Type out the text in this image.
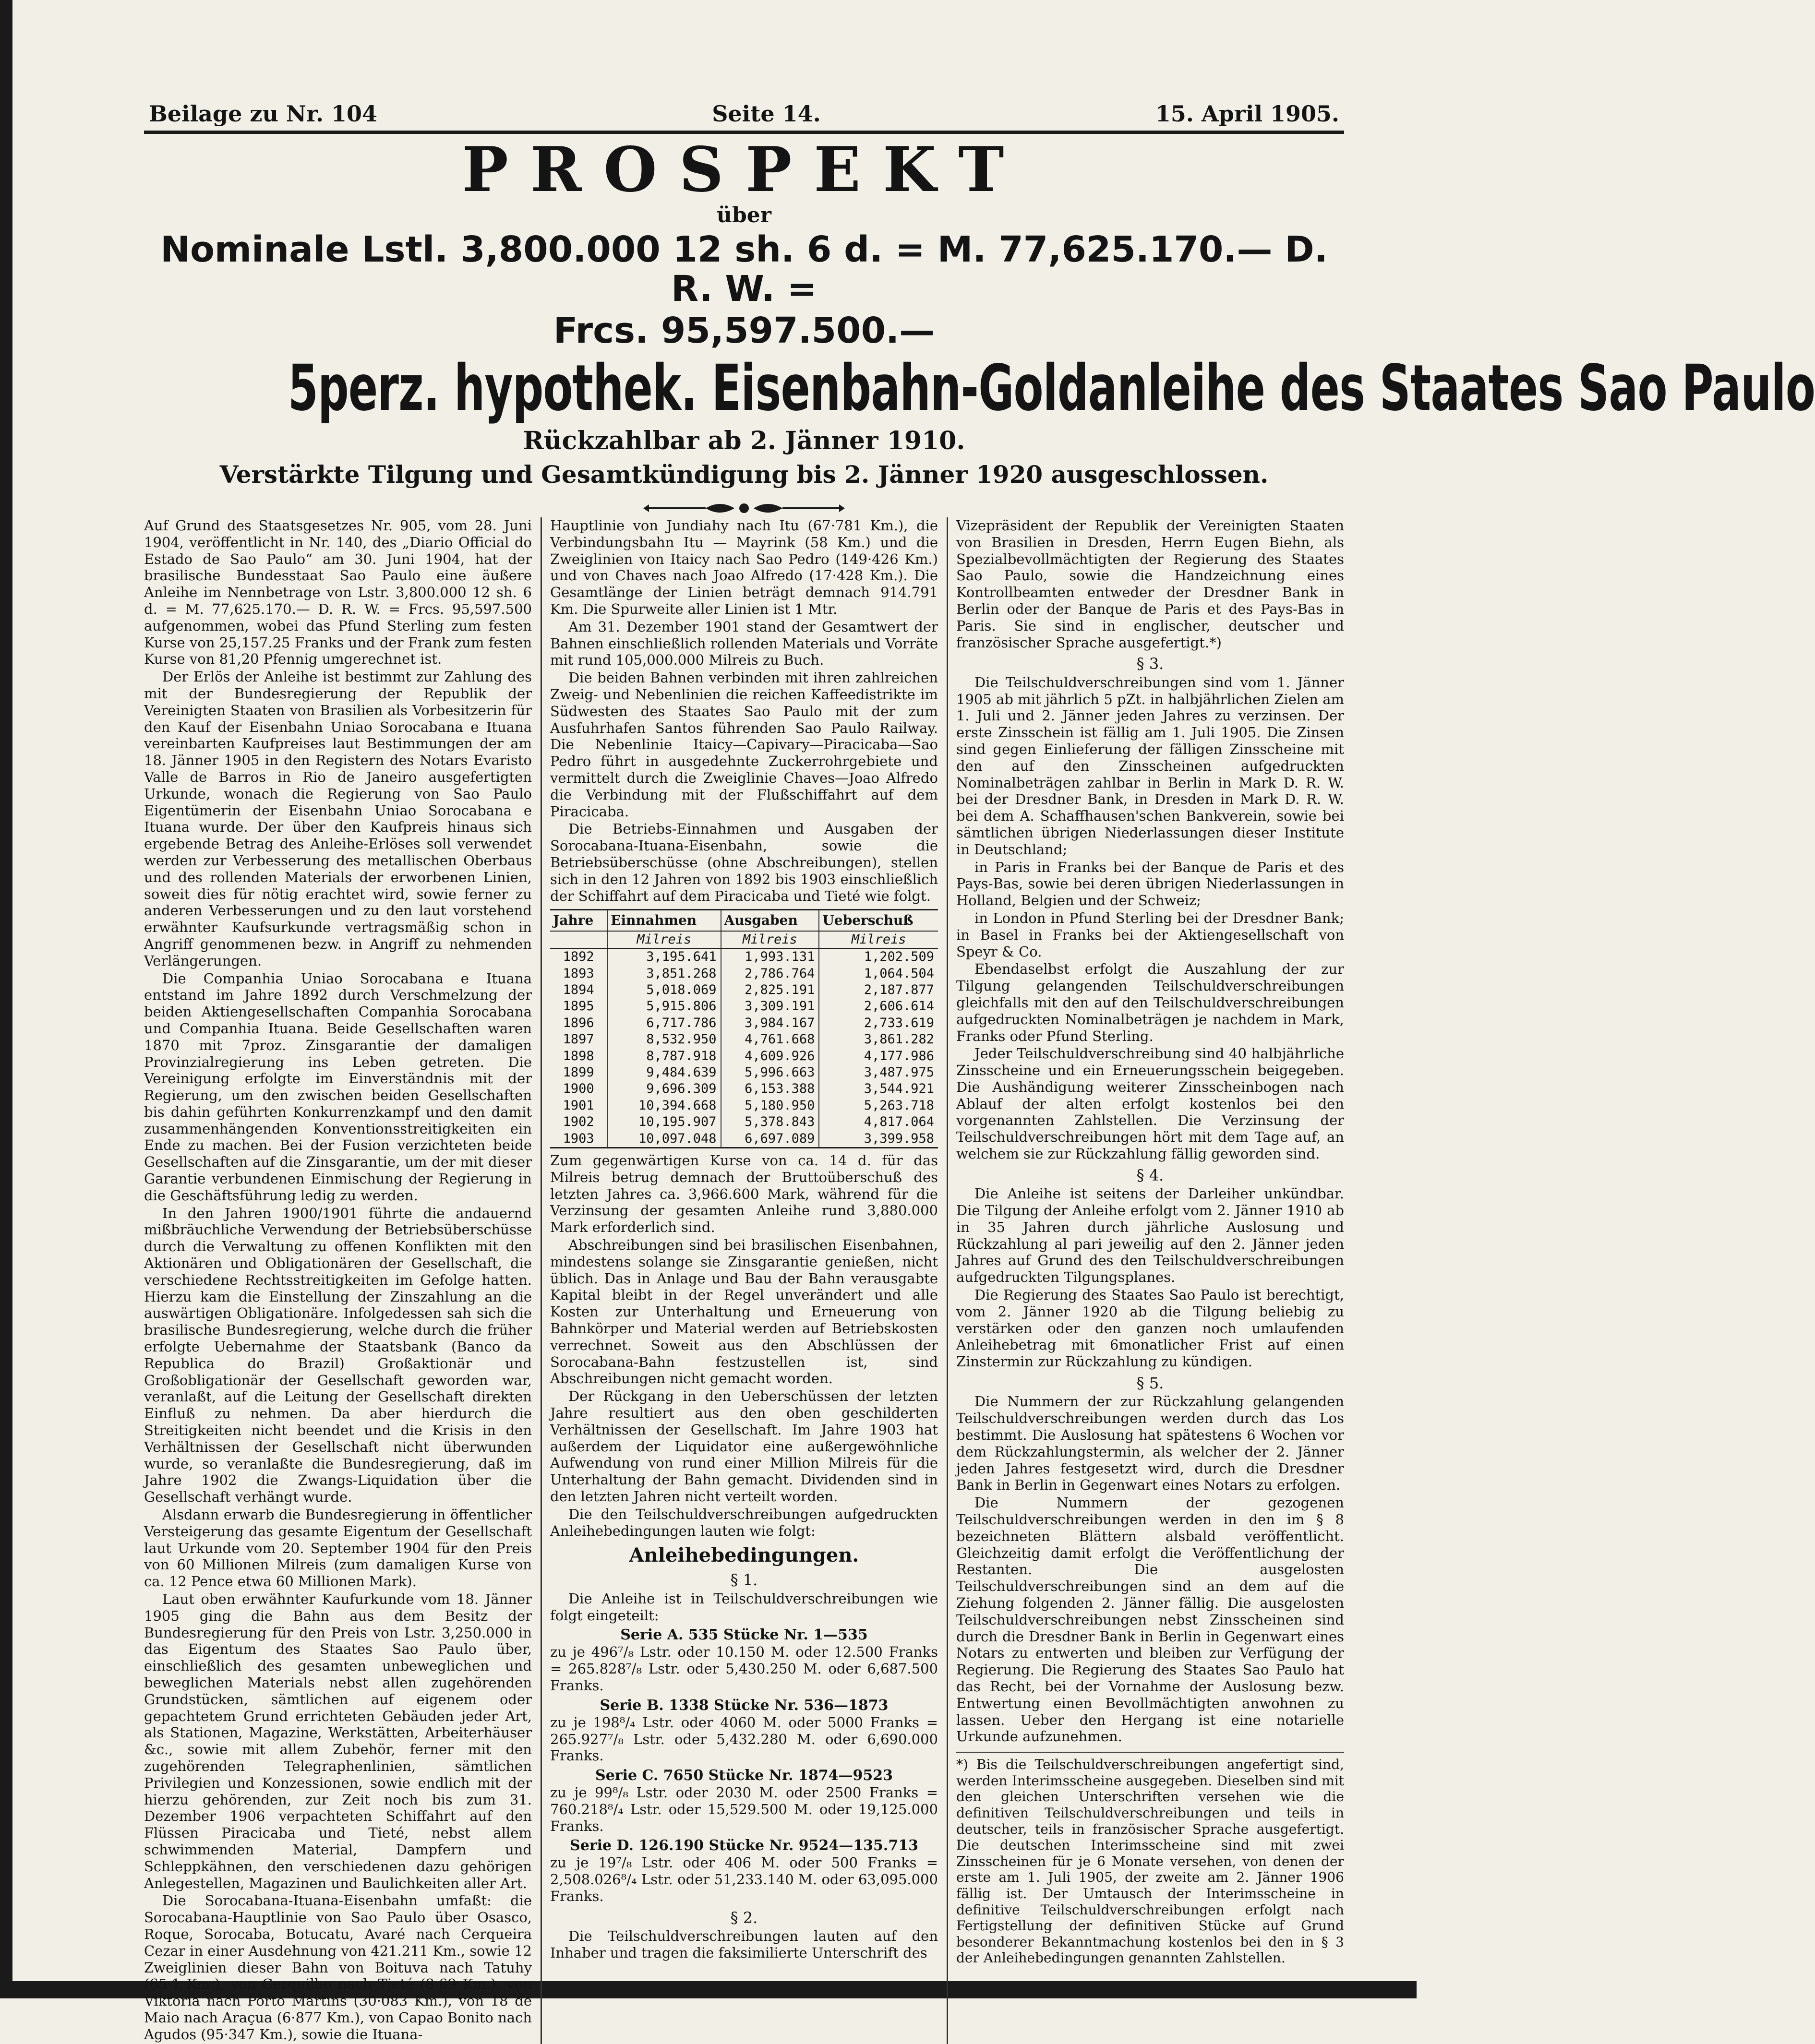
Beilage zu Nr. 104	Seite 14.	15. April 1905.
PROSPEKT
über
Nominale Lstl. 3,800.000 12 sh. 6 d. = M. 77,625.170.— D. R. W. =
Frcs. 95,597.500.—
5perz. hypothek. Eisenbahn-Goldanleihe des Staates Sao Paulo
Rückzahlbar ab 2. Jänner 1910.
Verstärkte Tilgung und Gesamtkündigung bis 2. Jänner 1920 ausgeschlossen.

Auf Grund des Staatsgesetzes Nr. 905, vom 28. Juni 1904, veröffentlicht in Nr. 140, des „Diario Official do Estado de Sao Paulo“ am 30. Juni 1904, hat der brasilische Bundesstaat Sao Paulo eine äußere Anleihe im Nennbetrage von Lstr. 3,800.000 12 sh. 6 d. = M. 77,625.170.— D. R. W. = Frcs. 95,597.500 aufgenommen, wobei das Pfund Sterling zum festen Kurse von 25,157.25 Franks und der Frank zum festen Kurse von 81,20 Pfennig umgerechnet ist.

Der Erlös der Anleihe ist bestimmt zur Zahlung des mit der Bundesregierung der Republik der Vereinigten Staaten von Brasilien als Vorbesitzerin für den Kauf der Eisenbahn Uniao Sorocabana e Ituana vereinbarten Kaufpreises laut Bestimmungen der am 18. Jänner 1905 in den Registern des Notars Evaristo Valle de Barros in Rio de Janeiro ausgefertigten Urkunde, wonach die Regierung von Sao Paulo Eigentümerin der Eisenbahn Uniao Sorocabana e Ituana wurde. Der über den Kaufpreis hinaus sich ergebende Betrag des Anleihe-Erlöses soll verwendet werden zur Verbesserung des metallischen Oberbaus und des rollenden Materials der erworbenen Linien, soweit dies für nötig erachtet wird, sowie ferner zu anderen Verbesserungen und zu den laut vorstehend erwähnter Kaufsurkunde vertragsmäßig schon in Angriff genommenen bezw. in Angriff zu nehmenden Verlängerungen.

Die Companhia Uniao Sorocabana e Ituana entstand im Jahre 1892 durch Verschmelzung der beiden Aktiengesellschaften Companhia Sorocabana und Companhia Ituana. Beide Gesellschaften waren 1870 mit 7proz. Zinsgarantie der damaligen Provinzialregierung ins Leben getreten. Die Vereinigung erfolgte im Einverständnis mit der Regierung, um den zwischen beiden Gesellschaften bis dahin geführten Konkurrenzkampf und den damit zusammenhängenden Konventionsstreitigkeiten ein Ende zu machen. Bei der Fusion verzichteten beide Gesellschaften auf die Zinsgarantie, um der mit dieser Garantie verbundenen Einmischung der Regierung in die Geschäftsführung ledig zu werden.

In den Jahren 1900/1901 führte die andauernd mißbräuchliche Verwendung der Betriebsüberschüsse durch die Verwaltung zu offenen Konflikten mit den Aktionären und Obligationären der Gesellschaft, die verschiedene Rechtsstreitigkeiten im Gefolge hatten. Hierzu kam die Einstellung der Zinszahlung an die auswärtigen Obligationäre. Infolgedessen sah sich die brasilische Bundesregierung, welche durch die früher erfolgte Uebernahme der Staatsbank (Banco da Republica do Brazil) Großaktionär und Großobligationär der Gesellschaft geworden war, veranlaßt, auf die Leitung der Gesellschaft direkten Einfluß zu nehmen. Da aber hierdurch die Streitigkeiten nicht beendet und die Krisis in den Verhältnissen der Gesellschaft nicht überwunden wurde, so veranlaßte die Bundesregierung, daß im Jahre 1902 die Zwangs-Liquidation über die Gesellschaft verhängt wurde.

Alsdann erwarb die Bundesregierung in öffentlicher Versteigerung das gesamte Eigentum der Gesellschaft laut Urkunde vom 20. September 1904 für den Preis von 60 Millionen Milreis (zum damaligen Kurse von ca. 12 Pence etwa 60 Millionen Mark).

Laut oben erwähnter Kaufurkunde vom 18. Jänner 1905 ging die Bahn aus dem Besitz der Bundesregierung für den Preis von Lstr. 3,250.000 in das Eigentum des Staates Sao Paulo über, einschließlich des gesamten unbeweglichen und beweglichen Materials nebst allen zugehörenden Grundstücken, sämtlichen auf eigenem oder gepachtetem Grund errichteten Gebäuden jeder Art, als Stationen, Magazine, Werkstätten, Arbeiterhäuser &c., sowie mit allem Zubehör, ferner mit den zugehörenden Telegraphenlinien, sämtlichen Privilegien und Konzessionen, sowie endlich mit der hierzu gehörenden, zur Zeit noch bis zum 31. Dezember 1906 verpachteten Schiffahrt auf den Flüssen Piracicaba und Tieté, nebst allem schwimmenden Material, Dampfern und Schleppkähnen, den verschiedenen dazu gehörigen Anlegestellen, Magazinen und Baulichkeiten aller Art.

Die Sorocabana-Ituana-Eisenbahn umfaßt: die Sorocabana-Hauptlinie von Sao Paulo über Osasco, Roque, Sorocaba, Botucatu, Avaré nach Cerqueira Cezar in einer Ausdehnung von 421.211 Km., sowie 12 Zweiglinien dieser Bahn von Boituva nach Tatuhy (65·1 Km.), von Cerquilho nach Tieté (8·69 Km.), von Viktoria nach Porto Martins (30·083 Km.), von 18 de Maio nach Araçua (6·877 Km.), von Capao Bonito nach Agudos (95·347 Km.), sowie die Ituana-

Hauptlinie von Jundiahy nach Itu (67·781 Km.), die Verbindungsbahn Itu — Mayrink (58 Km.) und die Zweiglinien von Itaicy nach Sao Pedro (149·426 Km.) und von Chaves nach Joao Alfredo (17·428 Km.). Die Gesamtlänge der Linien beträgt demnach 914.791 Km. Die Spurweite aller Linien ist 1 Mtr.

Am 31. Dezember 1901 stand der Gesamtwert der Bahnen einschließlich rollenden Materials und Vorräte mit rund 105,000.000 Milreis zu Buch.

Die beiden Bahnen verbinden mit ihren zahlreichen Zweig- und Nebenlinien die reichen Kaffeedistrikte im Südwesten des Staates Sao Paulo mit der zum Ausfuhrhafen Santos führenden Sao Paulo Railway. Die Nebenlinie Itaicy—Capivary—Piracicaba—Sao Pedro führt in ausgedehnte Zuckerrohrgebiete und vermittelt durch die Zweiglinie Chaves—Joao Alfredo die Verbindung mit der Flußschiffahrt auf dem Piracicaba.

Die Betriebs-Einnahmen und Ausgaben der Sorocabana-Ituana-Eisenbahn, sowie die Betriebsüberschüsse (ohne Abschreibungen), stellen sich in den 12 Jahren von 1892 bis 1903 einschließlich der Schiffahrt auf dem Piracicaba und Tieté wie folgt.

Jahre	Einnahmen	Ausgaben	Ueberschuß
	Milreis	Milreis	Milreis
1892	3,195.641	1,993.131	1,202.509
1893	3,851.268	2,786.764	1,064.504
1894	5,018.069	2,825.191	2,187.877
1895	5,915.806	3,309.191	2,606.614
1896	6,717.786	3,984.167	2,733.619
1897	8,532.950	4,761.668	3,861.282
1898	8,787.918	4,609.926	4,177.986
1899	9,484.639	5,996.663	3,487.975
1900	9,696.309	6,153.388	3,544.921
1901	10,394.668	5,180.950	5,263.718
1902	10,195.907	5,378.843	4,817.064
1903	10,097.048	6,697.089	3,399.958

Zum gegenwärtigen Kurse von ca. 14 d. für das Milreis betrug demnach der Bruttoüberschuß des letzten Jahres ca. 3,966.600 Mark, während für die Verzinsung der gesamten Anleihe rund 3,880.000 Mark erforderlich sind.

Abschreibungen sind bei brasilischen Eisenbahnen, mindestens solange sie Zinsgarantie genießen, nicht üblich. Das in Anlage und Bau der Bahn verausgabte Kapital bleibt in der Regel unverändert und alle Kosten zur Unterhaltung und Erneuerung von Bahnkörper und Material werden auf Betriebskosten verrechnet. Soweit aus den Abschlüssen der Sorocabana-Bahn festzustellen ist, sind Abschreibungen nicht gemacht worden.

Der Rückgang in den Ueberschüssen der letzten Jahre resultiert aus den oben geschilderten Verhältnissen der Gesellschaft. Im Jahre 1903 hat außerdem der Liquidator eine außergewöhnliche Aufwendung von rund einer Million Milreis für die Unterhaltung der Bahn gemacht. Dividenden sind in den letzten Jahren nicht verteilt worden.

Die den Teilschuldverschreibungen aufgedruckten Anleihebedingungen lauten wie folgt:

Anleihebedingungen.
§ 1.

Die Anleihe ist in Teilschuldverschreibungen wie folgt eingeteilt:

Serie A. 535 Stücke Nr. 1—535

zu je 496⁷/₈ Lstr. oder 10.150 M. oder 12.500 Franks = 265.828⁷/₈ Lstr. oder 5,430.250 M. oder 6,687.500 Franks.

Serie B. 1338 Stücke Nr. 536—1873

zu je 198⁸/₄ Lstr. oder 4060 M. oder 5000 Franks = 265.927⁷/₈ Lstr. oder 5,432.280 M. oder 6,690.000 Franks.

Serie C. 7650 Stücke Nr. 1874—9523

zu je 99⁸/₈ Lstr. oder 2030 M. oder 2500 Franks = 760.218⁸/₄ Lstr. oder 15,529.500 M. oder 19,125.000 Franks.

Serie D. 126.190 Stücke Nr. 9524—135.713

zu je 19⁷/₈ Lstr. oder 406 M. oder 500 Franks = 2,508.026⁸/₄ Lstr. oder 51,233.140 M. oder 63,095.000 Franks.

§ 2.

Die Teilschuldverschreibungen lauten auf den Inhaber und tragen die faksimilierte Unterschrift des

Vizepräsident der Republik der Vereinigten Staaten von Brasilien in Dresden, Herrn Eugen Biehn, als Spezialbevollmächtigten der Regierung des Staates Sao Paulo, sowie die Handzeichnung eines Kontrollbeamten entweder der Dresdner Bank in Berlin oder der Banque de Paris et des Pays-Bas in Paris. Sie sind in englischer, deutscher und französischer Sprache ausgefertigt.*)

§ 3.

Die Teilschuldverschreibungen sind vom 1. Jänner 1905 ab mit jährlich 5 pZt. in halbjährlichen Zielen am 1. Juli und 2. Jänner jeden Jahres zu verzinsen. Der erste Zinsschein ist fällig am 1. Juli 1905. Die Zinsen sind gegen Einlieferung der fälligen Zinsscheine mit den auf den Zinsscheinen aufgedruckten Nominalbeträgen zahlbar in Berlin in Mark D. R. W. bei der Dresdner Bank, in Dresden in Mark D. R. W. bei dem A. Schaffhausen'schen Bankverein, sowie bei sämtlichen übrigen Niederlassungen dieser Institute in Deutschland;

in Paris in Franks bei der Banque de Paris et des Pays-Bas, sowie bei deren übrigen Niederlassungen in Holland, Belgien und der Schweiz;

in London in Pfund Sterling bei der Dresdner Bank; in Basel in Franks bei der Aktiengesellschaft von Speyr & Co.

Ebendaselbst erfolgt die Auszahlung der zur Tilgung gelangenden Teilschuldverschreibungen gleichfalls mit den auf den Teilschuldverschreibungen aufgedruckten Nominalbeträgen je nachdem in Mark, Franks oder Pfund Sterling.

Jeder Teilschuldverschreibung sind 40 halbjährliche Zinsscheine und ein Erneuerungsschein beigegeben. Die Aushändigung weiterer Zinsscheinbogen nach Ablauf der alten erfolgt kostenlos bei den vorgenannten Zahlstellen. Die Verzinsung der Teilschuldverschreibungen hört mit dem Tage auf, an welchem sie zur Rückzahlung fällig geworden sind.

§ 4.

Die Anleihe ist seitens der Darleiher unkündbar. Die Tilgung der Anleihe erfolgt vom 2. Jänner 1910 ab in 35 Jahren durch jährliche Auslosung und Rückzahlung al pari jeweilig auf den 2. Jänner jeden Jahres auf Grund des den Teilschuldverschreibungen aufgedruckten Tilgungsplanes.

Die Regierung des Staates Sao Paulo ist berechtigt, vom 2. Jänner 1920 ab die Tilgung beliebig zu verstärken oder den ganzen noch umlaufenden Anleihebetrag mit 6monatlicher Frist auf einen Zinstermin zur Rückzahlung zu kündigen.

§ 5.

Die Nummern der zur Rückzahlung gelangenden Teilschuldverschreibungen werden durch das Los bestimmt. Die Auslosung hat spätestens 6 Wochen vor dem Rückzahlungstermin, als welcher der 2. Jänner jeden Jahres festgesetzt wird, durch die Dresdner Bank in Berlin in Gegenwart eines Notars zu erfolgen.

Die Nummern der gezogenen Teilschuldverschreibungen werden in den im § 8 bezeichneten Blättern alsbald veröffentlicht. Gleichzeitig damit erfolgt die Veröffentlichung der Restanten. Die ausgelosten Teilschuldverschreibungen sind an dem auf die Ziehung folgenden 2. Jänner fällig. Die ausgelosten Teilschuldverschreibungen nebst Zinsscheinen sind durch die Dresdner Bank in Berlin in Gegenwart eines Notars zu entwerten und bleiben zur Verfügung der Regierung. Die Regierung des Staates Sao Paulo hat das Recht, bei der Vornahme der Auslosung bezw. Entwertung einen Bevollmächtigten anwohnen zu lassen. Ueber den Hergang ist eine notarielle Urkunde aufzunehmen.

*) Bis die Teilschuldverschreibungen angefertigt sind, werden Interimsscheine ausgegeben. Dieselben sind mit den gleichen Unterschriften versehen wie die definitiven Teilschuldverschreibungen und teils in deutscher, teils in französischer Sprache ausgefertigt. Die deutschen Interimsscheine sind mit zwei Zinsscheinen für je 6 Monate versehen, von denen der erste am 1. Juli 1905, der zweite am 2. Jänner 1906 fällig ist. Der Umtausch der Interimsscheine in definitive Teilschuldverschreibungen erfolgt nach Fertigstellung der definitiven Stücke auf Grund besonderer Bekanntmachung kostenlos bei den in § 3 der Anleihebedingungen genannten Zahlstellen.
